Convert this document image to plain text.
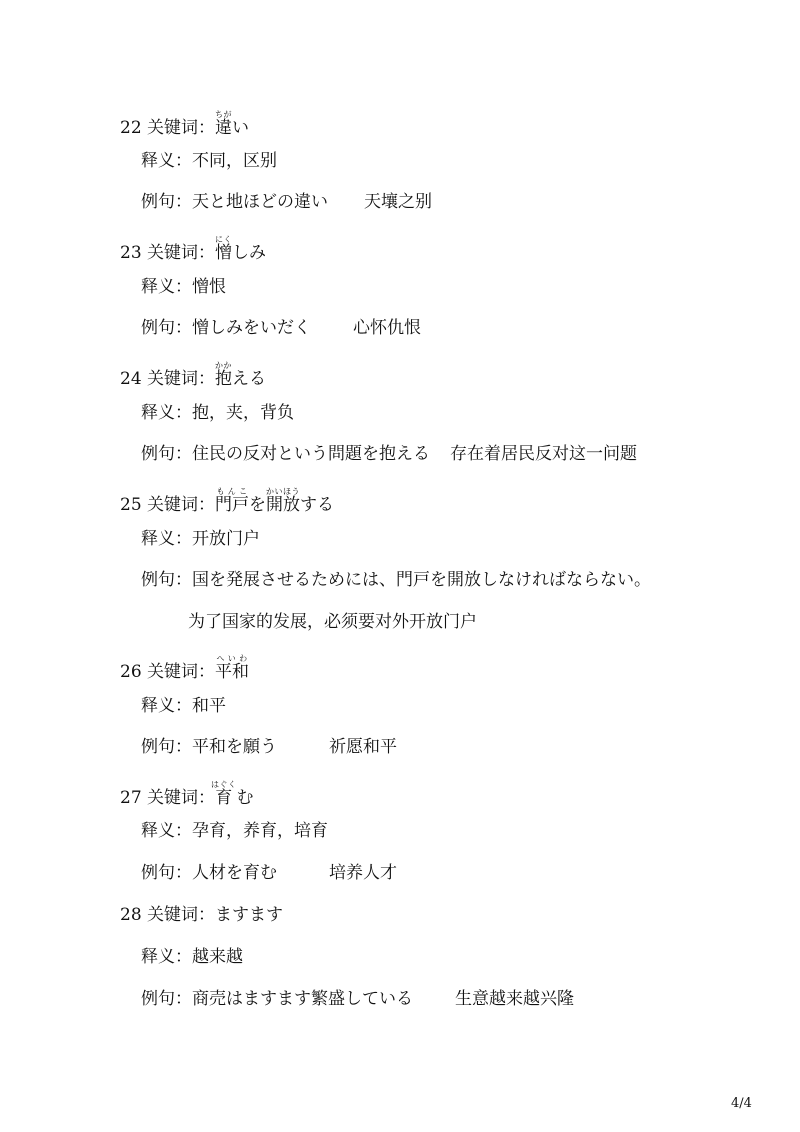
22 关键词：違ちがい
释义：不同，区别
例句：天と地ほどの違い 天壤之别
23 关键词：憎にくしみ
释义：憎恨
例句：憎しみをいだく 心怀仇恨
24 关键词：抱かかえる
释义：抱，夹，背负
例句：住民の反对という問題を抱える 存在着居民反对这一问题
25 关键词：門戸もんこを開放かいほうする
释义：开放门户
例句：国を発展させるためには、門戸を開放しなければならない。
为了国家的发展，必须要对外开放门户
26 关键词：平和へいわ
释义：和平
例句：平和を願う	祈愿和平
27 关键词：育はぐくむ
释义：孕育，养育，培育
例句：人材を育む	培养人才
28 关键词：ますます
释义：越来越
例句：商売はますます繁盛している 生意越来越兴隆
4/4
